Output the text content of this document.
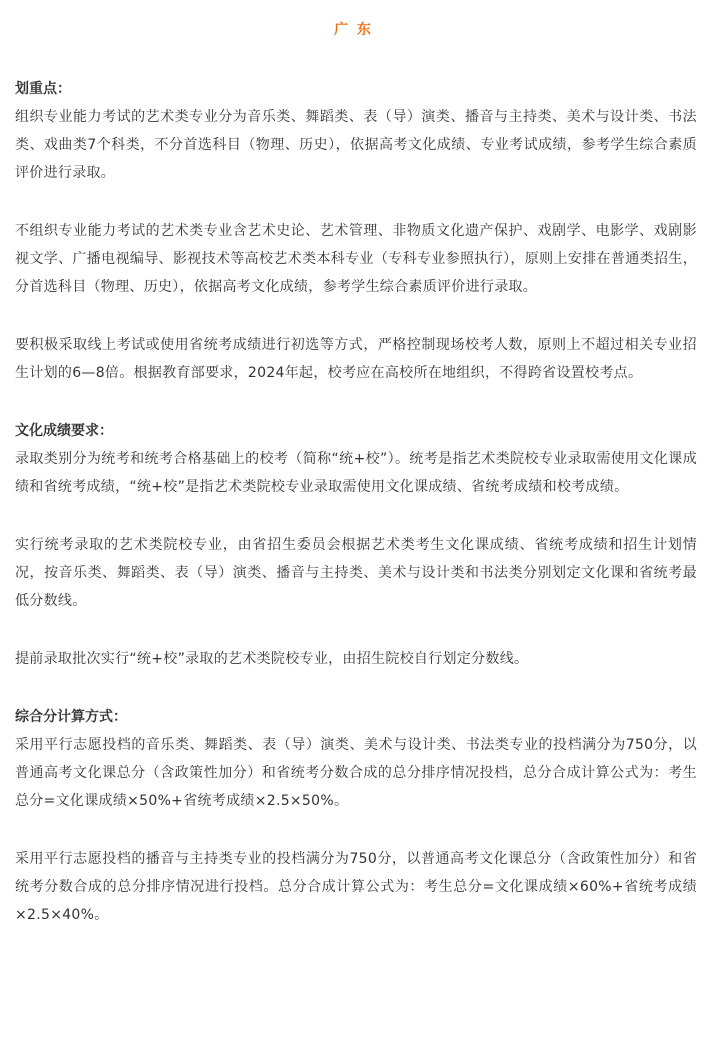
广 东

划重点：

组织专业能力考试的艺术类专业分为音乐类、舞蹈类、表（导）演类、播音与主持类、美术与设计类、书法类、戏曲类7个科类，不分首选科目（物理、历史），依据高考文化成绩、专业考试成绩，参考学生综合素质评价进行录取。

不组织专业能力考试的艺术类专业含艺术史论、艺术管理、非物质文化遗产保护、戏剧学、电影学、戏剧影视文学、广播电视编导、影视技术等高校艺术类本科专业（专科专业参照执行），原则上安排在普通类招生，分首选科目（物理、历史），依据高考文化成绩，参考学生综合素质评价进行录取。

要积极采取线上考试或使用省统考成绩进行初选等方式，严格控制现场校考人数，原则上不超过相关专业招生计划的6—8倍。根据教育部要求，2024年起，校考应在高校所在地组织，不得跨省设置校考点。

文化成绩要求：

录取类别分为统考和统考合格基础上的校考（简称“统+校”）。统考是指艺术类院校专业录取需使用文化课成绩和省统考成绩，“统+校”是指艺术类院校专业录取需使用文化课成绩、省统考成绩和校考成绩。

实行统考录取的艺术类院校专业，由省招生委员会根据艺术类考生文化课成绩、省统考成绩和招生计划情况，按音乐类、舞蹈类、表（导）演类、播音与主持类、美术与设计类和书法类分别划定文化课和省统考最低分数线。

提前录取批次实行“统+校”录取的艺术类院校专业，由招生院校自行划定分数线。

综合分计算方式：

采用平行志愿投档的音乐类、舞蹈类、表（导）演类、美术与设计类、书法类专业的投档满分为750分，以普通高考文化课总分（含政策性加分）和省统考分数合成的总分排序情况投档，总分合成计算公式为：考生总分=文化课成绩×50%+省统考成绩×2.5×50%。

采用平行志愿投档的播音与主持类专业的投档满分为750分，以普通高考文化课总分（含政策性加分）和省统考分数合成的总分排序情况进行投档。总分合成计算公式为：考生总分=文化课成绩×60%+省统考成绩×2.5×40%。
